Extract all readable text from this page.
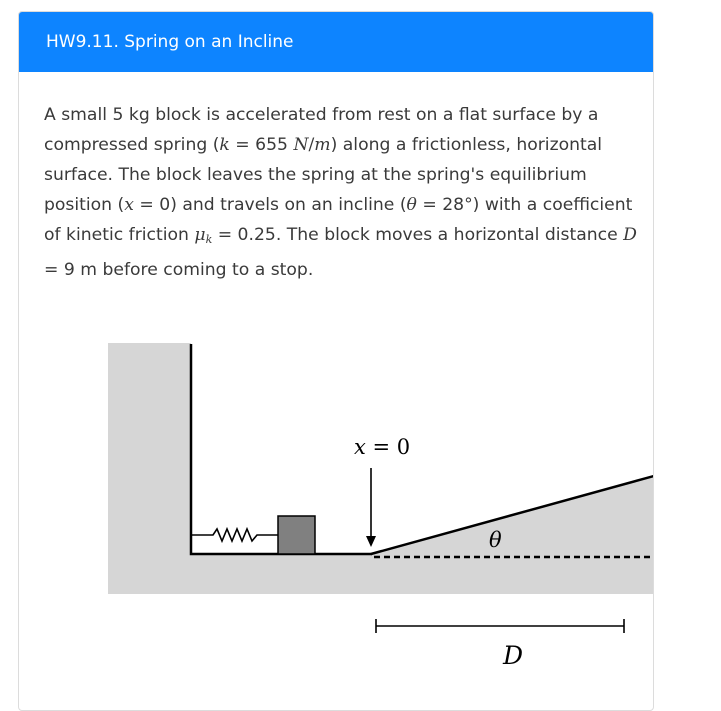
HW9.11. Spring on an Incline

A small 5 kg block is accelerated from rest on a flat surface by a compressed spring (k = 655 N/m) along a frictionless, horizontal surface. The block leaves the spring at the spring's equilibrium position (x = 0) and travels on an incline (θ = 28°) with a coefficient of kinetic friction $\mu_k = 0.25$. The block moves a horizontal distance D = 9 m before coming to a stop.

x = 0
θ
D
